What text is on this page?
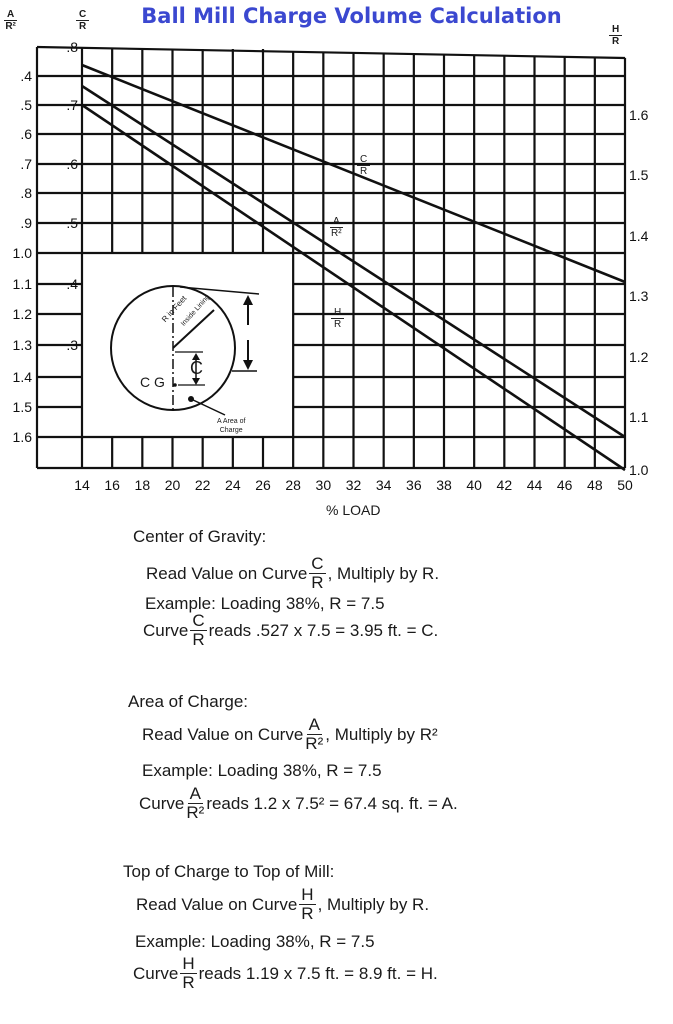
Ball Mill Charge Volume Calculation
$\frac{A}{\text{R²}}$	$\frac{C}{R}$
$\frac{H}{R}$
.4
.5
.6
.7
.8
.9
1.0
1.1
1.2
1.3
1.4
1.5
1.6
.8
.7
.6
.5
.4
.3
1.6
1.5
1.4
1.3
1.2
1.1
1.0
14 16 18 20 22 24 26 28 30 32 34 36 38 40 42 44 46 48 50
$\frac{C}{R}$
$\frac{A}{\text{R²}}$
$\frac{H}{R}$
R in Feet
Inside Lining
C
C G
A Area of
Charge
% LOAD
Center of Gravity:
Read Value on Curve C
R , Multiply by R.
Example: Loading 38%, R = 7.5
Curve C
R reads .527 x 7.5 = 3.95 ft. = C.
Area of Charge:
Read Value on Curve A
R² , Multiply by R²
Example: Loading 38%, R = 7.5
Curve A
R² reads 1.2 x 7.5² = 67.4 sq. ft. = A.
Top of Charge to Top of Mill:
Read Value on Curve H
R , Multiply by R.
Example: Loading 38%, R = 7.5
Curve H
R reads 1.19 x 7.5 ft. = 8.9 ft. = H.
